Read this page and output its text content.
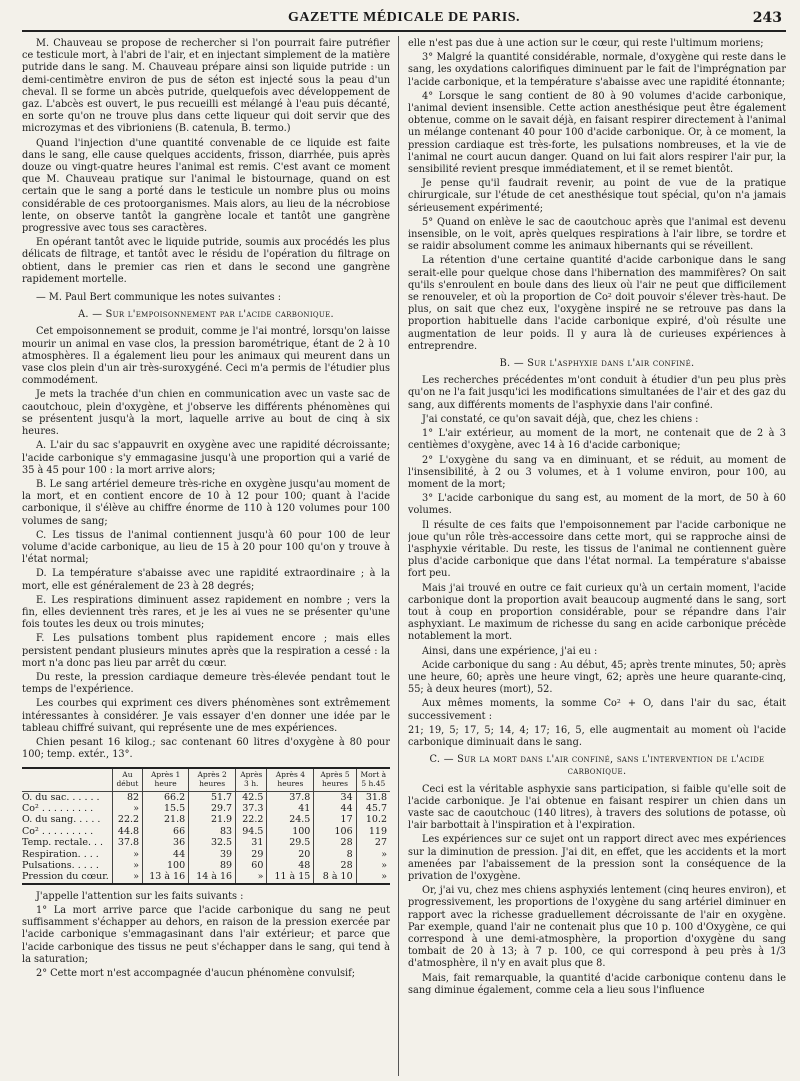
GAZETTE MÉDICALE DE PARIS.	243

M. Chauveau se propose de rechercher si l'on pourrait faire putréfier ce testicule mort, à l'abri de l'air, et en injectant simplement de la matière putride dans le sang. M. Chauveau prépare ainsi son liquide putride : un demi-centimètre environ de pus de séton est injecté sous la peau d'un cheval. Il se forme un abcès putride, quelquefois avec développement de gaz. L'abcès est ouvert, le pus recueilli est mélangé à l'eau puis décanté, en sorte qu'on ne trouve plus dans cette liqueur qui doit servir que des microzymas et des vibrioniens (B. catenula, B. termo.)

Quand l'injection d'une quantité convenable de ce liquide est faite dans le sang, elle cause quelques accidents, frisson, diarrhée, puis après douze ou vingt-quatre heures l'animal est remis. C'est avant ce moment que M. Chauveau pratique sur l'animal le bistournage, quand on est certain que le sang a porté dans le testicule un nombre plus ou moins considérable de ces protoorganismes. Mais alors, au lieu de la nécrobiose lente, on observe tantôt la gangrène locale et tantôt une gangrène progressive avec tous ses caractères.

En opérant tantôt avec le liquide putride, soumis aux procédés les plus délicats de filtrage, et tantôt avec le résidu de l'opération du filtrage on obtient, dans le premier cas rien et dans le second une gangrène rapidement mortelle.

— M. Paul Bert communique les notes suivantes :

A. — Sur l'empoisonnement par l'acide carbonique.

Cet empoisonnement se produit, comme je l'ai montré, lorsqu'on laisse mourir un animal en vase clos, la pression barométrique, étant de 2 à 10 atmosphères. Il a également lieu pour les animaux qui meurent dans un vase clos plein d'un air très-suroxygéné. Ceci m'a permis de l'étudier plus commodément.

Je mets la trachée d'un chien en communication avec un vaste sac de caoutchouc, plein d'oxygène, et j'observe les différents phénomènes qui se présentent jusqu'à la mort, laquelle arrive au bout de cinq à six heures.

A. L'air du sac s'appauvrit en oxygène avec une rapidité décroissante; l'acide carbonique s'y emmagasine jusqu'à une proportion qui a varié de 35 à 45 pour 100 : la mort arrive alors;

B. Le sang artériel demeure très-riche en oxygène jusqu'au moment de la mort, et en contient encore de 10 à 12 pour 100; quant à l'acide carbonique, il s'élève au chiffre énorme de 110 à 120 volumes pour 100 volumes de sang;

C. Les tissus de l'animal contiennent jusqu'à 60 pour 100 de leur volume d'acide carbonique, au lieu de 15 à 20 pour 100 qu'on y trouve à l'état normal;

D. La température s'abaisse avec une rapidité extraordinaire ; à la mort, elle est généralement de 23 à 28 degrés;

E. Les respirations diminuent assez rapidement en nombre ; vers la fin, elles deviennent très rares, et je les ai vues ne se présenter qu'une fois toutes les deux ou trois minutes;

F. Les pulsations tombent plus rapidement encore ; mais elles persistent pendant plusieurs minutes après que la respiration a cessé : la mort n'a donc pas lieu par arrêt du cœur.

Du reste, la pression cardiaque demeure très-élevée pendant tout le temps de l'expérience.

Les courbes qui expriment ces divers phénomènes sont extrêmement intéressantes à considérer. Je vais essayer d'en donner une idée par le tableau chiffré suivant, qui représente une de mes expériences.

Chien pesant 16 kilog.; sac contenant 60 litres d'oxygène à 80 pour 100; temp. extér., 13°.

	Au début	Après 1 heure	Après 2 heures	Après 3 h.	Après 4 heures	Après 5 heures	Mort à 5 h.45
O. du sac. . . . . .	82	66.2	51.7	42.5	37.8	34	31.8
Co² . . . . . . . . .	»	15.5	29.7	37.3	41	44	45.7
O. du sang. . . . .	22.2	21.8	21.9	22.2	24.5	17	10.2
Co² . . . . . . . . .	44.8	66	83	94.5	100	106	119
Temp. rectale. . .	37.8	36	32.5	31	29.5	28	27
Respiration. . . .	»	44	39	29	20	8	»
Pulsations. . . . .	»	100	89	60	48	28	»
Pression du cœur.	»	13 à 16	14 à 16	»	11 à 15	8 à 10	»

J'appelle l'attention sur les faits suivants :

1° La mort arrive parce que l'acide carbonique du sang ne peut suffisamment s'échapper au dehors, en raison de la pression exercée par l'acide carbonique s'emmagasinant dans l'air extérieur; et parce que l'acide carbonique des tissus ne peut s'échapper dans le sang, qui tend à la saturation;

2° Cette mort n'est accompagnée d'aucun phénomène convulsif;

elle n'est pas due à une action sur le cœur, qui reste l'ultimum moriens;

3° Malgré la quantité considérable, normale, d'oxygène qui reste dans le sang, les oxydations calorifiques diminuent par le fait de l'imprégnation par l'acide carbonique, et la température s'abaisse avec une rapidité étonnante;

4° Lorsque le sang contient de 80 à 90 volumes d'acide carbonique, l'animal devient insensible. Cette action anesthésique peut être également obtenue, comme on le savait déjà, en faisant respirer directement à l'animal un mélange contenant 40 pour 100 d'acide carbonique. Or, à ce moment, la pression cardiaque est très-forte, les pulsations nombreuses, et la vie de l'animal ne court aucun danger. Quand on lui fait alors respirer l'air pur, la sensibilité revient presque immédiatement, et il se remet bientôt.

Je pense qu'il faudrait revenir, au point de vue de la pratique chirurgicale, sur l'étude de cet anesthésique tout spécial, qu'on n'a jamais sérieusement expérimenté;

5° Quand on enlève le sac de caoutchouc après que l'animal est devenu insensible, on le voit, après quelques respirations à l'air libre, se tordre et se raidir absolument comme les animaux hibernants qui se réveillent.

La rétention d'une certaine quantité d'acide carbonique dans le sang serait-elle pour quelque chose dans l'hibernation des mammifères? On sait qu'ils s'enroulent en boule dans des lieux où l'air ne peut que difficilement se renouveler, et où la proportion de Co² doit pouvoir s'élever très-haut. De plus, on sait que chez eux, l'oxygène inspiré ne se retrouve pas dans la proportion habituelle dans l'acide carbonique expiré, d'où résulte une augmentation de leur poids. Il y aura là de curieuses expériences à entreprendre.

B. — Sur l'asphyxie dans l'air confiné.

Les recherches précédentes m'ont conduit à étudier d'un peu plus près qu'on ne l'a fait jusqu'ici les modifications simultanées de l'air et des gaz du sang, aux différents moments de l'asphyxie dans l'air confiné.

J'ai constaté, ce qu'on savait déjà, que, chez les chiens :

1° L'air extérieur, au moment de la mort, ne contenait que de 2 à 3 centièmes d'oxygène, avec 14 à 16 d'acide carbonique;

2° L'oxygène du sang va en diminuant, et se réduit, au moment de l'insensibilité, à 2 ou 3 volumes, et à 1 volume environ, pour 100, au moment de la mort;

3° L'acide carbonique du sang est, au moment de la mort, de 50 à 60 volumes.

Il résulte de ces faits que l'empoisonnement par l'acide carbonique ne joue qu'un rôle très-accessoire dans cette mort, qui se rapproche ainsi de l'asphyxie véritable. Du reste, les tissus de l'animal ne contiennent guère plus d'acide carbonique que dans l'état normal. La température s'abaisse fort peu.

Mais j'ai trouvé en outre ce fait curieux qu'à un certain moment, l'acide carbonique dont la proportion avait beaucoup augmenté dans le sang, sort tout à coup en proportion considérable, pour se répandre dans l'air asphyxiant. Le maximum de richesse du sang en acide carbonique précède notablement la mort.

Ainsi, dans une expérience, j'ai eu :

Acide carbonique du sang : Au début, 45; après trente minutes, 50; après une heure, 60; après une heure vingt, 62; après une heure quarante-cinq, 55; à deux heures (mort), 52.

Aux mêmes moments, la somme Co² + O, dans l'air du sac, était successivement :

21; 19, 5; 17, 5; 14, 4; 17; 16, 5, elle augmentait au moment où l'acide carbonique diminuait dans le sang.

C. — Sur la mort dans l'air confiné, sans l'intervention de l'acide carbonique.

Ceci est la véritable asphyxie sans participation, si faible qu'elle soit de l'acide carbonique. Je l'ai obtenue en faisant respirer un chien dans un vaste sac de caoutchouc (140 litres), à travers des solutions de potasse, où l'air barbottait à l'inspiration et à l'expiration.

Les expériences sur ce sujet ont un rapport direct avec mes expériences sur la diminution de pression. J'ai dit, en effet, que les accidents et la mort amenées par l'abaissement de la pression sont la conséquence de la privation de l'oxygène.

Or, j'ai vu, chez mes chiens asphyxiés lentement (cinq heures environ), et progressivement, les proportions de l'oxygène du sang artériel diminuer en rapport avec la richesse graduellement décroissante de l'air en oxygène. Par exemple, quand l'air ne contenait plus que 10 p. 100 d'Oxygène, ce qui correspond à une demi-atmosphère, la proportion d'oxygène du sang tombait de 20 à 13; à 7 p. 100, ce qui correspond à peu près à 1/3 d'atmosphère, il n'y en avait plus que 8.

Mais, fait remarquable, la quantité d'acide carbonique contenu dans le sang diminue également, comme cela a lieu sous l'influence
